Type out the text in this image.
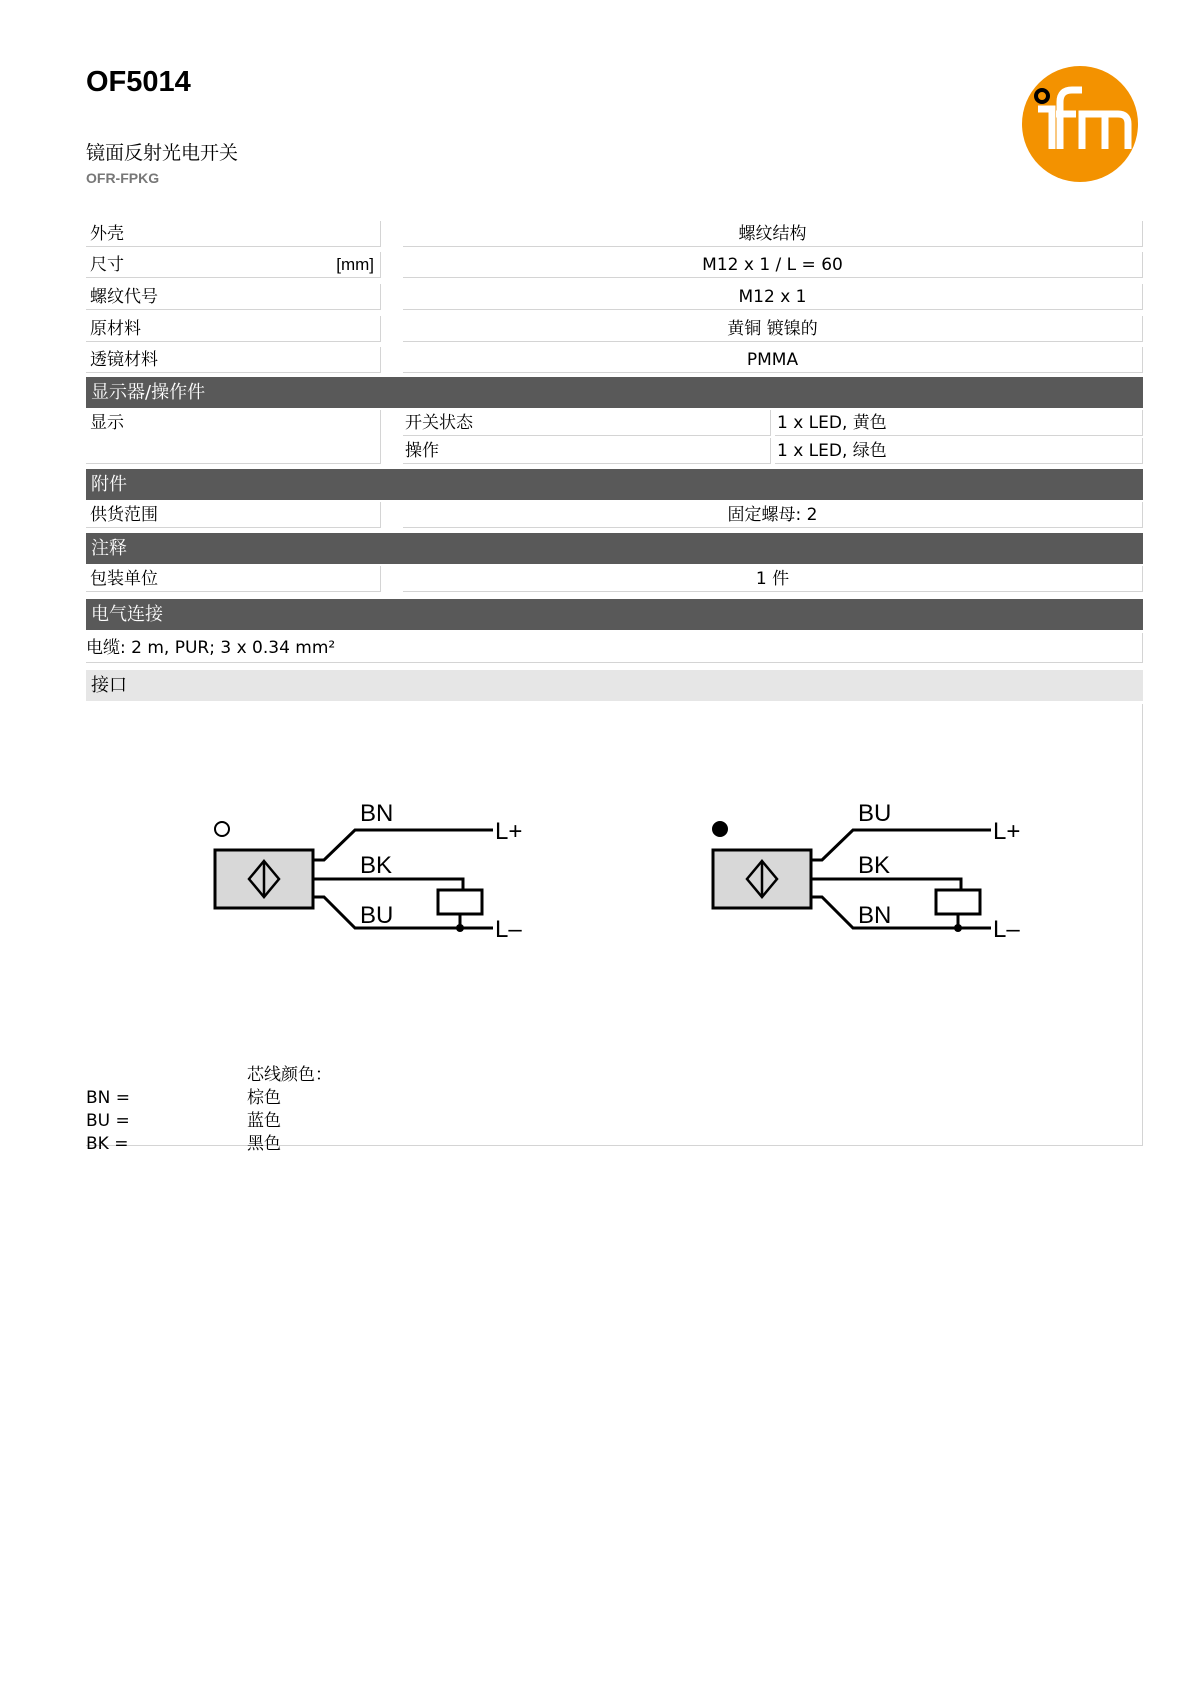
OF5014
镜面反射光电开关
OFR-FPKG
外壳	螺纹结构
尺寸	[mm]	M12 x 1 / L = 60
螺纹代号	M12 x 1
原材料	黄铜 镀镍的
透镜材料	PMMA
显示器/操作件
显示	开关状态	1 x LED, 黄色
操作	1 x LED, 绿色
附件
供货范围	固定螺母: 2
注释
包装单位	1 件
电气连接
电缆: 2 m, PUR; 3 x 0.34 mm²
接口
BN
BK
BU
L+
L–
BU
BK
BN
L+
L–
芯线颜色：
BN =	棕色
BU =	蓝色
BK =	黑色
